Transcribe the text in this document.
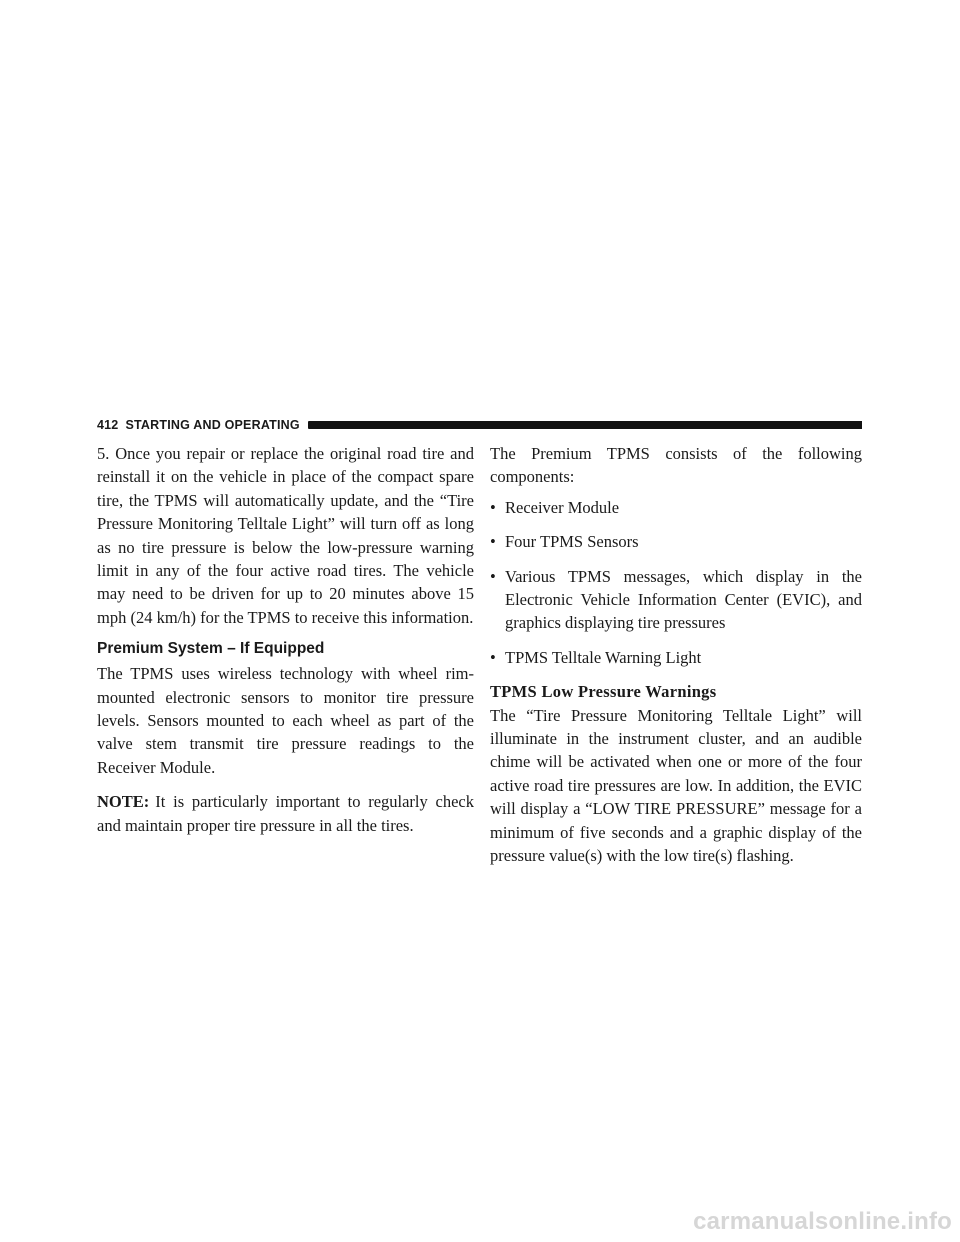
412 STARTING AND OPERATING

5. Once you repair or replace the original road tire and reinstall it on the vehicle in place of the compact spare tire, the TPMS will automatically update, and the “Tire Pressure Monitoring Telltale Light” will turn off as long as no tire pressure is below the low-pressure warning limit in any of the four active road tires. The vehicle may need to be driven for up to 20 minutes above 15 mph (24 km/h) for the TPMS to receive this information.

Premium System – If Equipped

The TPMS uses wireless technology with wheel rim-mounted electronic sensors to monitor tire pressure levels. Sensors mounted to each wheel as part of the valve stem transmit tire pressure readings to the Receiver Module.

NOTE: It is particularly important to regularly check and maintain proper tire pressure in all the tires.

The Premium TPMS consists of the following components:

• Receiver Module
• Four TPMS Sensors
• Various TPMS messages, which display in the Electronic Vehicle Information Center (EVIC), and graphics displaying tire pressures
• TPMS Telltale Warning Light
TPMS Low Pressure Warnings

The “Tire Pressure Monitoring Telltale Light” will illuminate in the instrument cluster, and an audible chime will be activated when one or more of the four active road tire pressures are low. In addition, the EVIC will display a “LOW TIRE PRESSURE” message for a minimum of five seconds and a graphic display of the pressure value(s) with the low tire(s) flashing.

carmanualsonline.info
